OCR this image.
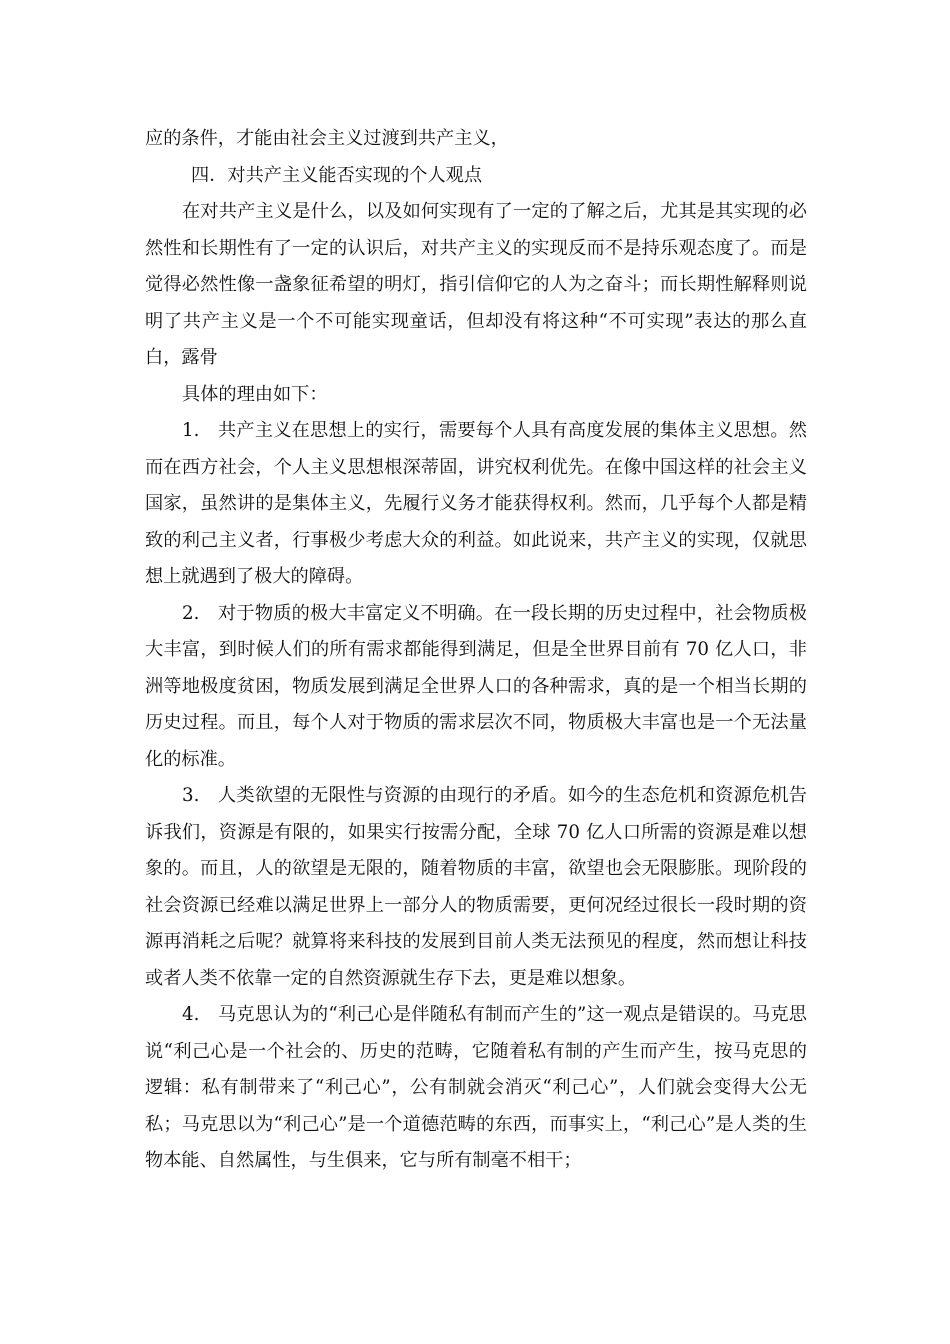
应的条件，才能由社会主义过渡到共产主义，

四．对共产主义能否实现的个人观点

在对共产主义是什么，以及如何实现有了一定的了解之后，尤其是其实现的必然性和长期性有了一定的认识后，对共产主义的实现反而不是持乐观态度了。而是觉得必然性像一盏象征希望的明灯，指引信仰它的人为之奋斗；而长期性解释则说明了共产主义是一个不可能实现童话，但却没有将这种“不可实现”表达的那么直白，露骨

具体的理由如下：

1.　共产主义在思想上的实行，需要每个人具有高度发展的集体主义思想。然而在西方社会，个人主义思想根深蒂固，讲究权利优先。在像中国这样的社会主义国家，虽然讲的是集体主义，先履行义务才能获得权利。然而，几乎每个人都是精致的利己主义者，行事极少考虑大众的利益。如此说来，共产主义的实现，仅就思想上就遇到了极大的障碍。

2.　对于物质的极大丰富定义不明确。在一段长期的历史过程中，社会物质极大丰富，到时候人们的所有需求都能得到满足，但是全世界目前有 70 亿人口，非洲等地极度贫困，物质发展到满足全世界人口的各种需求，真的是一个相当长期的历史过程。而且，每个人对于物质的需求层次不同，物质极大丰富也是一个无法量化的标准。

3.　人类欲望的无限性与资源的由现行的矛盾。如今的生态危机和资源危机告诉我们，资源是有限的，如果实行按需分配，全球 70 亿人口所需的资源是难以想象的。而且，人的欲望是无限的，随着物质的丰富，欲望也会无限膨胀。现阶段的社会资源已经难以满足世界上一部分人的物质需要，更何况经过很长一段时期的资源再消耗之后呢？就算将来科技的发展到目前人类无法预见的程度，然而想让科技或者人类不依靠一定的自然资源就生存下去，更是难以想象。

4.　马克思认为的“利己心是伴随私有制而产生的”这一观点是错误的。马克思说“利己心是一个社会的、历史的范畴，它随着私有制的产生而产生，按马克思的逻辑：私有制带来了“利己心”，公有制就会消灭“利己心”，人们就会变得大公无私；马克思以为“利己心”是一个道德范畴的东西，而事实上，“利己心”是人类的生物本能、自然属性，与生俱来，它与所有制毫不相干；
